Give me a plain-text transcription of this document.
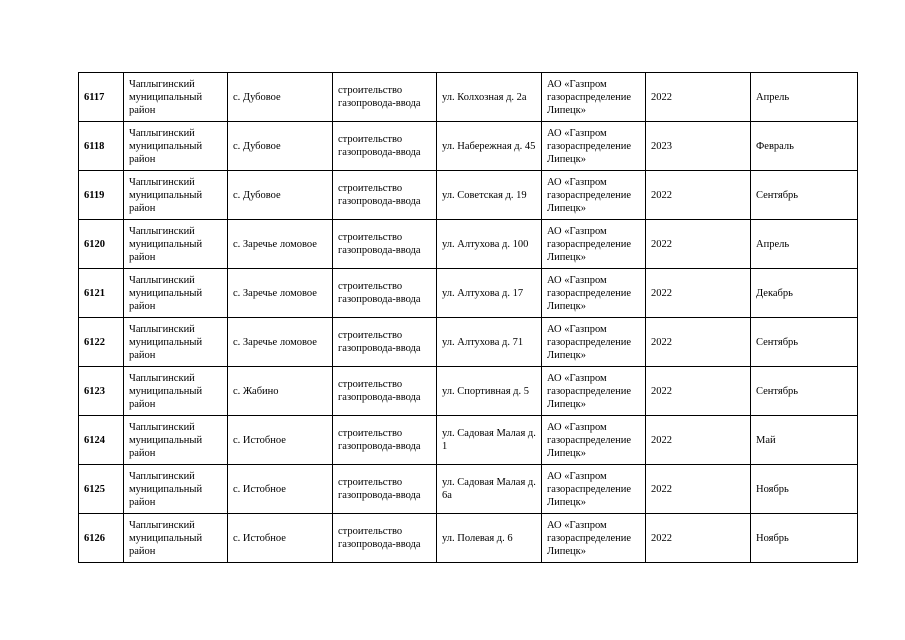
6117	Чаплыгинский муниципальный район	с. Дубовое	строительство газопровода-ввода	ул. Колхозная д. 2а	АО «Газпром газораспределение Липецк»	2022	Апрель
6118	Чаплыгинский муниципальный район	с. Дубовое	строительство газопровода-ввода	ул. Набережная д. 45	АО «Газпром газораспределение Липецк»	2023	Февраль
6119	Чаплыгинский муниципальный район	с. Дубовое	строительство газопровода-ввода	ул. Советская д. 19	АО «Газпром газораспределение Липецк»	2022	Сентябрь
6120	Чаплыгинский муниципальный район	с. Заречье ломовое	строительство газопровода-ввода	ул. Алтухова д. 100	АО «Газпром газораспределение Липецк»	2022	Апрель
6121	Чаплыгинский муниципальный район	с. Заречье ломовое	строительство газопровода-ввода	ул. Алтухова д. 17	АО «Газпром газораспределение Липецк»	2022	Декабрь
6122	Чаплыгинский муниципальный район	с. Заречье ломовое	строительство газопровода-ввода	ул. Алтухова д. 71	АО «Газпром газораспределение Липецк»	2022	Сентябрь
6123	Чаплыгинский муниципальный район	с. Жабино	строительство газопровода-ввода	ул. Спортивная д. 5	АО «Газпром газораспределение Липецк»	2022	Сентябрь
6124	Чаплыгинский муниципальный район	с. Истобное	строительство газопровода-ввода	ул. Садовая Малая д. 1	АО «Газпром газораспределение Липецк»	2022	Май
6125	Чаплыгинский муниципальный район	с. Истобное	строительство газопровода-ввода	ул. Садовая Малая д. 6а	АО «Газпром газораспределение Липецк»	2022	Ноябрь
6126	Чаплыгинский муниципальный район	с. Истобное	строительство газопровода-ввода	ул. Полевая д. 6	АО «Газпром газораспределение Липецк»	2022	Ноябрь
